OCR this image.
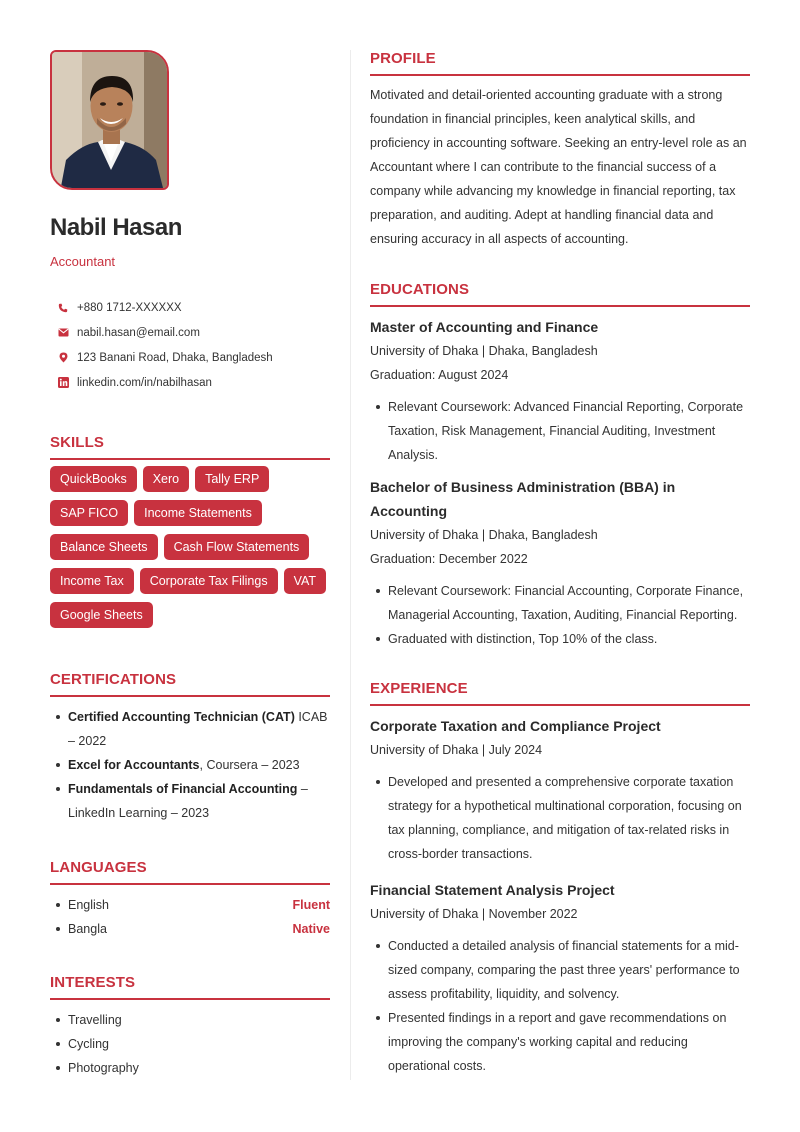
Nabil Hasan
Accountant
+880 1712-XXXXXX
nabil.hasan@email.com
123 Banani Road, Dhaka, Bangladesh
linkedin.com/in/nabilhasan
SKILLS
QuickBooks	Xero	Tally ERP
SAP FICO	Income Statements
Balance Sheets	Cash Flow Statements
Income Tax	Corporate Tax Filings	VAT
Google Sheets
CERTIFICATIONS
Certified Accounting Technician (CAT) ICAB – 2022
Excel for Accountants, Coursera – 2023
Fundamentals of Financial Accounting – LinkedIn Learning – 2023
LANGUAGES
English	Fluent
Bangla	Native
INTERESTS
Travelling
Cycling
Photography
PROFILE

Motivated and detail-oriented accounting graduate with a strong foundation in financial principles, keen analytical skills, and proficiency in accounting software. Seeking an entry-level role as an Accountant where I can contribute to the financial success of a company while advancing my knowledge in financial reporting, tax preparation, and auditing. Adept at handling financial data and ensuring accuracy in all aspects of accounting.

EDUCATIONS
Master of Accounting and Finance
University of Dhaka | Dhaka, Bangladesh
Graduation: August 2024
Relevant Coursework: Advanced Financial Reporting, Corporate Taxation, Risk Management, Financial Auditing, Investment Analysis.
Bachelor of Business Administration (BBA) in Accounting
University of Dhaka | Dhaka, Bangladesh
Graduation: December 2022
Relevant Coursework: Financial Accounting, Corporate Finance, Managerial Accounting, Taxation, Auditing, Financial Reporting.
Graduated with distinction, Top 10% of the class.
EXPERIENCE
Corporate Taxation and Compliance Project
University of Dhaka | July 2024
Developed and presented a comprehensive corporate taxation strategy for a hypothetical multinational corporation, focusing on tax planning, compliance, and mitigation of tax-related risks in cross-border transactions.
Financial Statement Analysis Project
University of Dhaka | November 2022
Conducted a detailed analysis of financial statements for a mid-sized company, comparing the past three years' performance to assess profitability, liquidity, and solvency.
Presented findings in a report and gave recommendations on improving the company's working capital and reducing operational costs.
